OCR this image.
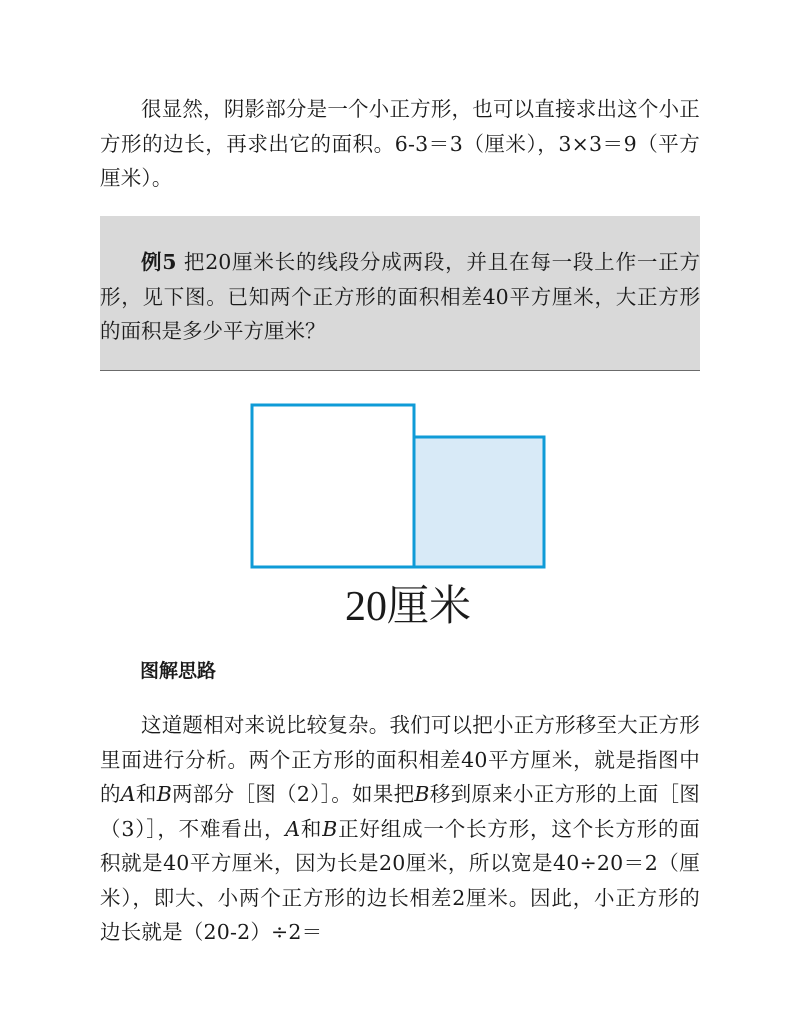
很显然，阴影部分是一个小正方形，也可以直接求出这个小正方形的边长，再求出它的面积。6-3＝3（厘米），3×3＝9（平方厘米）。

例5 把20厘米长的线段分成两段，并且在每一段上作一正方形，见下图。已知两个正方形的面积相差40平方厘米，大正方形的面积是多少平方厘米？

20厘米
图解思路

这道题相对来说比较复杂。我们可以把小正方形移至大正方形里面进行分析。两个正方形的面积相差40平方厘米，就是指图中的A和B两部分［图（2）］。如果把B移到原来小正方形的上面［图（3）］，不难看出，A和B正好组成一个长方形，这个长方形的面积就是40平方厘米，因为长是20厘米，所以宽是40÷20＝2（厘米），即大、小两个正方形的边长相差2厘米。因此，小正方形的边长就是（20-2）÷2＝
